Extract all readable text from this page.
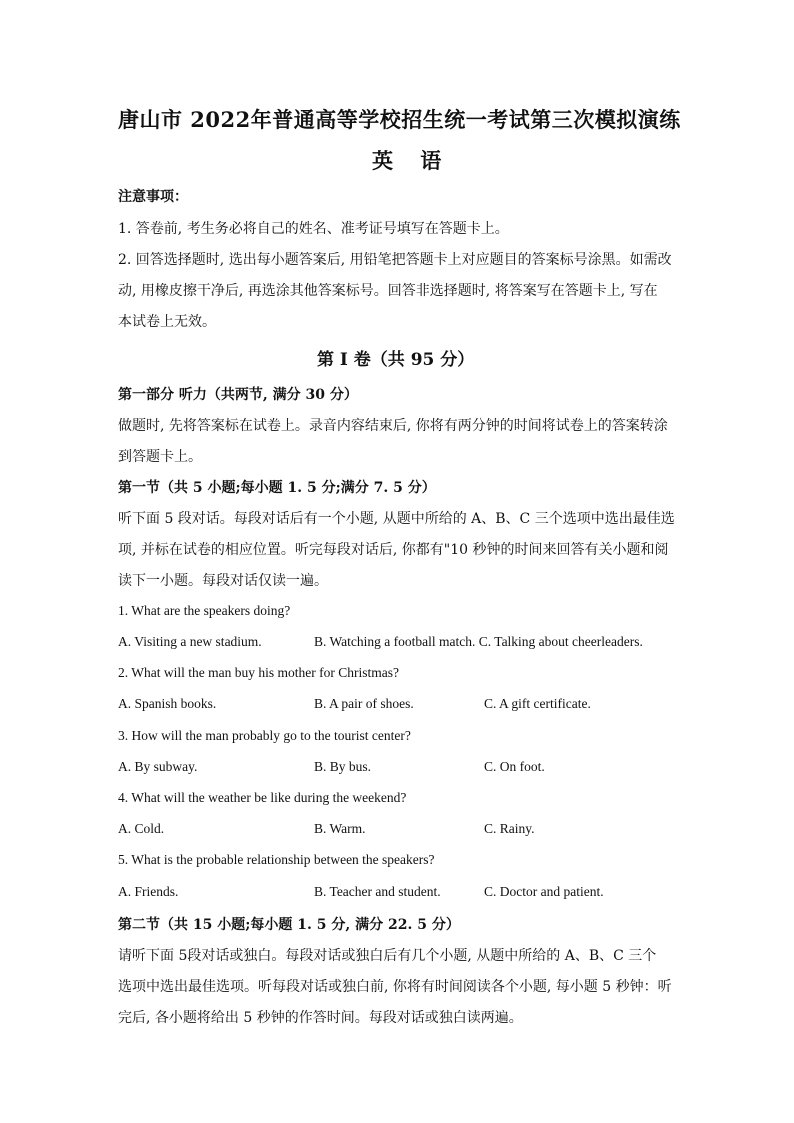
唐山市 2022年普通高等学校招生统一考试第三次模拟演练
英 语
注意事项：
1. 答卷前, 考生务必将自己的姓名、准考证号填写在答题卡上。
2. 回答选择题时, 选出每小题答案后, 用铅笔把答题卡上对应题目的答案标号涂黑。如需改
动, 用橡皮擦干净后, 再选涂其他答案标号。回答非选择题时, 将答案写在答题卡上, 写在
本试卷上无效。
第 I 卷（共 95 分）
第一部分 听力（共两节, 满分 30 分）
做题时, 先将答案标在试卷上。录音内容结束后, 你将有两分钟的时间将试卷上的答案转涂
到答题卡上。
第一节（共 5 小题;每小题 1. 5 分;满分 7. 5 分）
听下面 5 段对话。每段对话后有一个小题, 从题中所给的 A、B、C 三个选项中选出最佳选
项, 并标在试卷的相应位置。听完每段对话后, 你都有"10 秒钟的时间来回答有关小题和阅
读下一小题。每段对话仅读一遍。
1. What are the speakers doing?
A. Visiting a new stadium.	B. Watching a football match. C. Talking about cheerleaders.
2. What will the man buy his mother for Christmas?
A. Spanish books.	B. A pair of shoes.	C. A gift certificate.
3. How will the man probably go to the tourist center?
A. By subway.	B. By bus.	C. On foot.
4. What will the weather be like during the weekend?
A. Cold.	B. Warm.	C. Rainy.
5. What is the probable relationship between the speakers?
A. Friends.	B. Teacher and student.	C. Doctor and patient.
第二节（共 15 小题;每小题 1. 5 分, 满分 22. 5 分）
请听下面 5段对话或独白。每段对话或独白后有几个小题, 从题中所给的 A、B、C 三个
选项中选出最佳选项。听每段对话或独白前, 你将有时间阅读各个小题, 每小题 5 秒钟：听
完后, 各小题将给出 5 秒钟的作答时间。每段对话或独白读两遍。
